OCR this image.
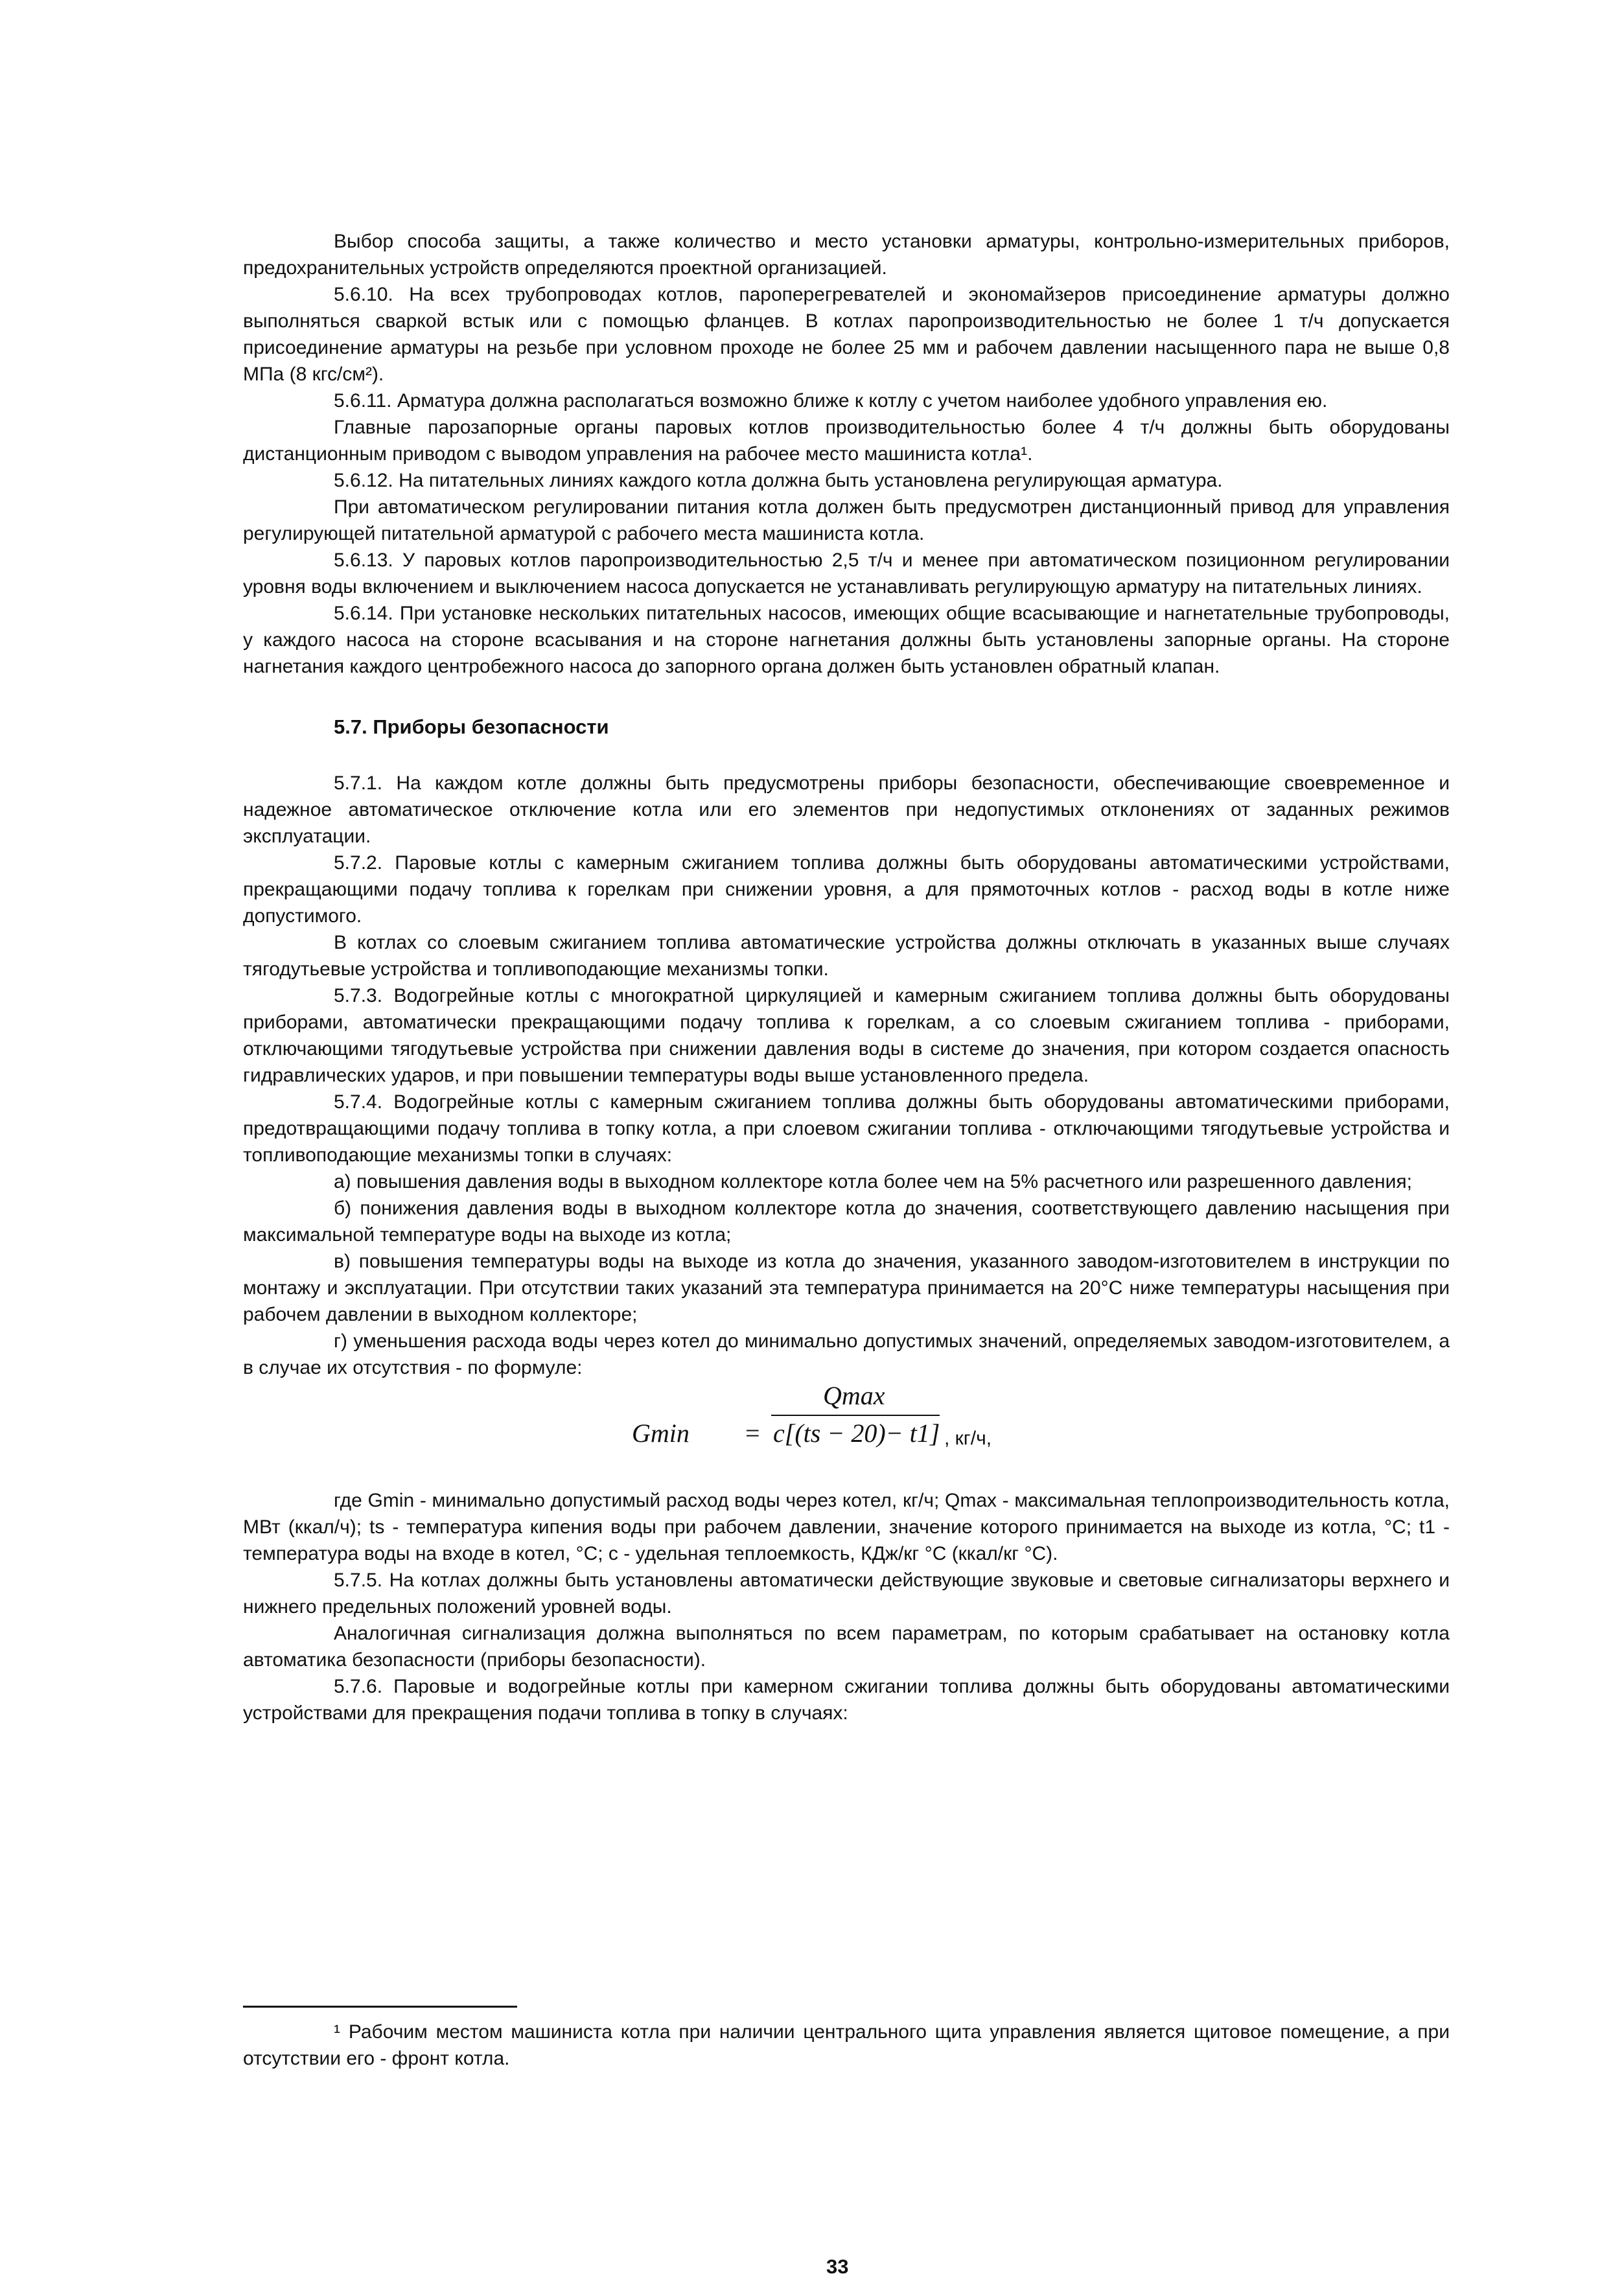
Выбор способа защиты, а также количество и место установки арматуры, контрольно-измерительных приборов, предохранительных устройств определяются проектной организацией.

5.6.10. На всех трубопроводах котлов, пароперегревателей и экономайзеров присоединение арматуры должно выполняться сваркой встык или с помощью фланцев. В котлах паропроизводительностью не более 1 т/ч допускается присоединение арматуры на резьбе при условном проходе не более 25 мм и рабочем давлении насыщенного пара не выше 0,8 МПа (8 кгс/см²).

5.6.11. Арматура должна располагаться возможно ближе к котлу с учетом наиболее удобного управления ею.

Главные парозапорные органы паровых котлов производительностью более 4 т/ч должны быть оборудованы дистанционным приводом с выводом управления на рабочее место машиниста котла¹.

5.6.12. На питательных линиях каждого котла должна быть установлена регулирующая арматура.

При автоматическом регулировании питания котла должен быть предусмотрен дистанционный привод для управления регулирующей питательной арматурой с рабочего места машиниста котла.

5.6.13. У паровых котлов паропроизводительностью 2,5 т/ч и менее при автоматическом позиционном регулировании уровня воды включением и выключением насоса допускается не устанавливать регулирующую арматуру на питательных линиях.

5.6.14. При установке нескольких питательных насосов, имеющих общие всасывающие и нагнетательные трубопроводы, у каждого насоса на стороне всасывания и на стороне нагнетания должны быть установлены запорные органы. На стороне нагнетания каждого центробежного насоса до запорного органа должен быть установлен обратный клапан.

5.7. Приборы безопасности

5.7.1. На каждом котле должны быть предусмотрены приборы безопасности, обеспечивающие своевременное и надежное автоматическое отключение котла или его элементов при недопустимых отклонениях от заданных режимов эксплуатации.

5.7.2. Паровые котлы с камерным сжиганием топлива должны быть оборудованы автоматическими устройствами, прекращающими подачу топлива к горелкам при снижении уровня, а для прямоточных котлов - расход воды в котле ниже допустимого.

В котлах со слоевым сжиганием топлива автоматические устройства должны отключать в указанных выше случаях тягодутьевые устройства и топливоподающие механизмы топки.

5.7.3. Водогрейные котлы с многократной циркуляцией и камерным сжиганием топлива должны быть оборудованы приборами, автоматически прекращающими подачу топлива к горелкам, а со слоевым сжиганием топлива - приборами, отключающими тягодутьевые устройства при снижении давления воды в системе до значения, при котором создается опасность гидравлических ударов, и при повышении температуры воды выше установленного предела.

5.7.4. Водогрейные котлы с камерным сжиганием топлива должны быть оборудованы автоматическими приборами, предотвращающими подачу топлива в топку котла, а при слоевом сжигании топлива - отключающими тягодутьевые устройства и топливоподающие механизмы топки в случаях:

а) повышения давления воды в выходном коллекторе котла более чем на 5% расчетного или разрешенного давления;

б) понижения давления воды в выходном коллекторе котла до значения, соответствующего давлению насыщения при максимальной температуре воды на выходе из котла;

в) повышения температуры воды на выходе из котла до значения, указанного заводом-изготовителем в инструкции по монтажу и эксплуатации. При отсутствии таких указаний эта температура принимается на 20°С ниже температуры насыщения при рабочем давлении в выходном коллекторе;

г) уменьшения расхода воды через котел до минимально допустимых значений, определяемых заводом-изготовителем, а в случае их отсутствия - по формуле:

Gmin =
Qmax
c[(ts − 20)− t1] , кг/ч,

где Gmin - минимально допустимый расход воды через котел, кг/ч; Qmax - максимальная теплопроизводительность котла, МВт (ккал/ч); ts - температура кипения воды при рабочем давлении, значение которого принимается на выходе из котла, °С; t1 - температура воды на входе в котел, °С; с - удельная теплоемкость, КДж/кг °С (ккал/кг °С).

5.7.5. На котлах должны быть установлены автоматически действующие звуковые и световые сигнализаторы верхнего и нижнего предельных положений уровней воды.

Аналогичная сигнализация должна выполняться по всем параметрам, по которым срабатывает на остановку котла автоматика безопасности (приборы безопасности).

5.7.6. Паровые и водогрейные котлы при камерном сжигании топлива должны быть оборудованы автоматическими устройствами для прекращения подачи топлива в топку в случаях:

¹ Рабочим местом машиниста котла при наличии центрального щита управления является щитовое помещение, а при отсутствии его - фронт котла.
33
